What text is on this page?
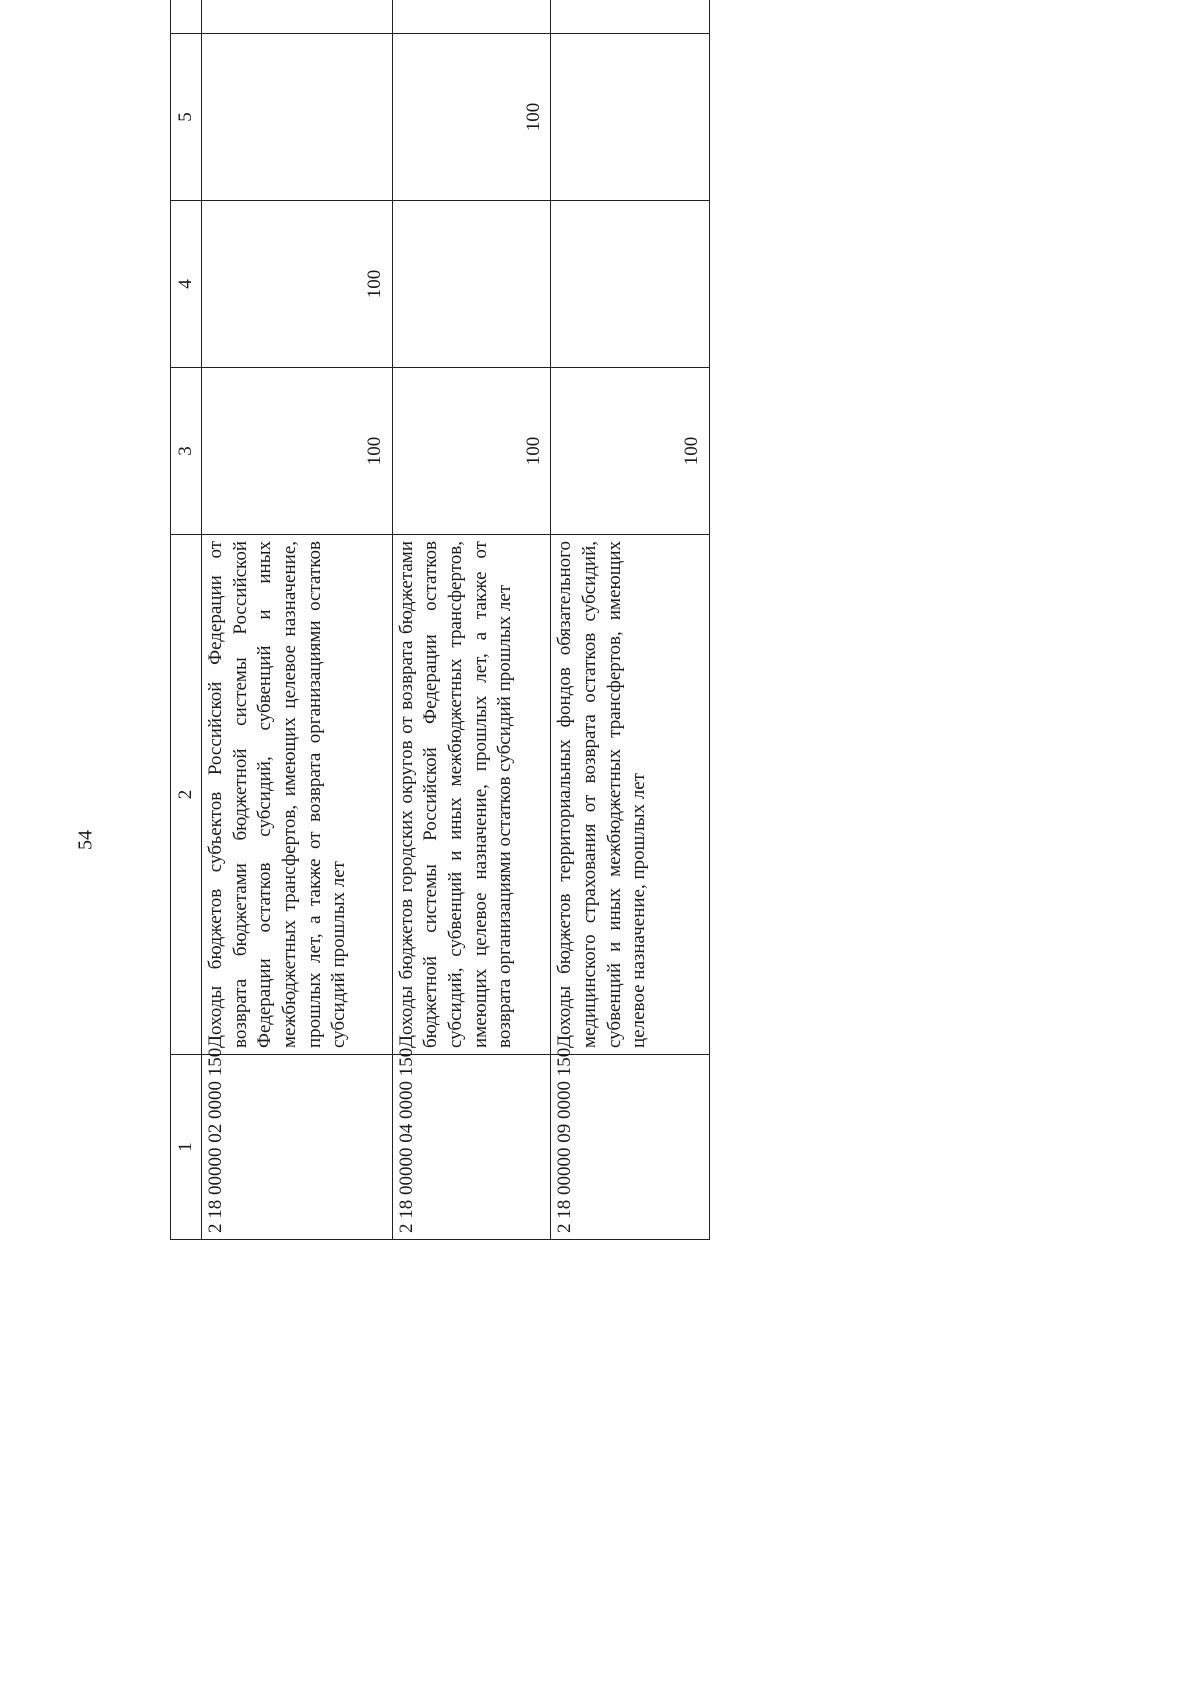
54
1	2	3	4	5	
2 18 00000 02 0000 150	Доходы бюджетов субъектов Российской Федерации от возврата бюджетами бюджетной системы Российской Федерации остатков субсидий, субвенций и иных межбюджетных трансфертов, имеющих целевое назначение, прошлых лет, а также от возврата организациями остатков субсидий прошлых лет	100	100		
2 18 00000 04 0000 150	Доходы бюджетов городских округов от возврата бюджетами бюджетной системы Российской Федерации остатков субсидий, субвенций и иных межбюджетных трансфертов, имеющих целевое назначение, прошлых лет, а также от возврата организациями остатков субсидий прошлых лет	100		100	
2 18 00000 09 0000 150	Доходы бюджетов территориальных фондов обязательного медицинского страхования от возврата остатков субсидий, субвенций и иных межбюджетных трансфертов, имеющих целевое назначение, прошлых лет	100			
